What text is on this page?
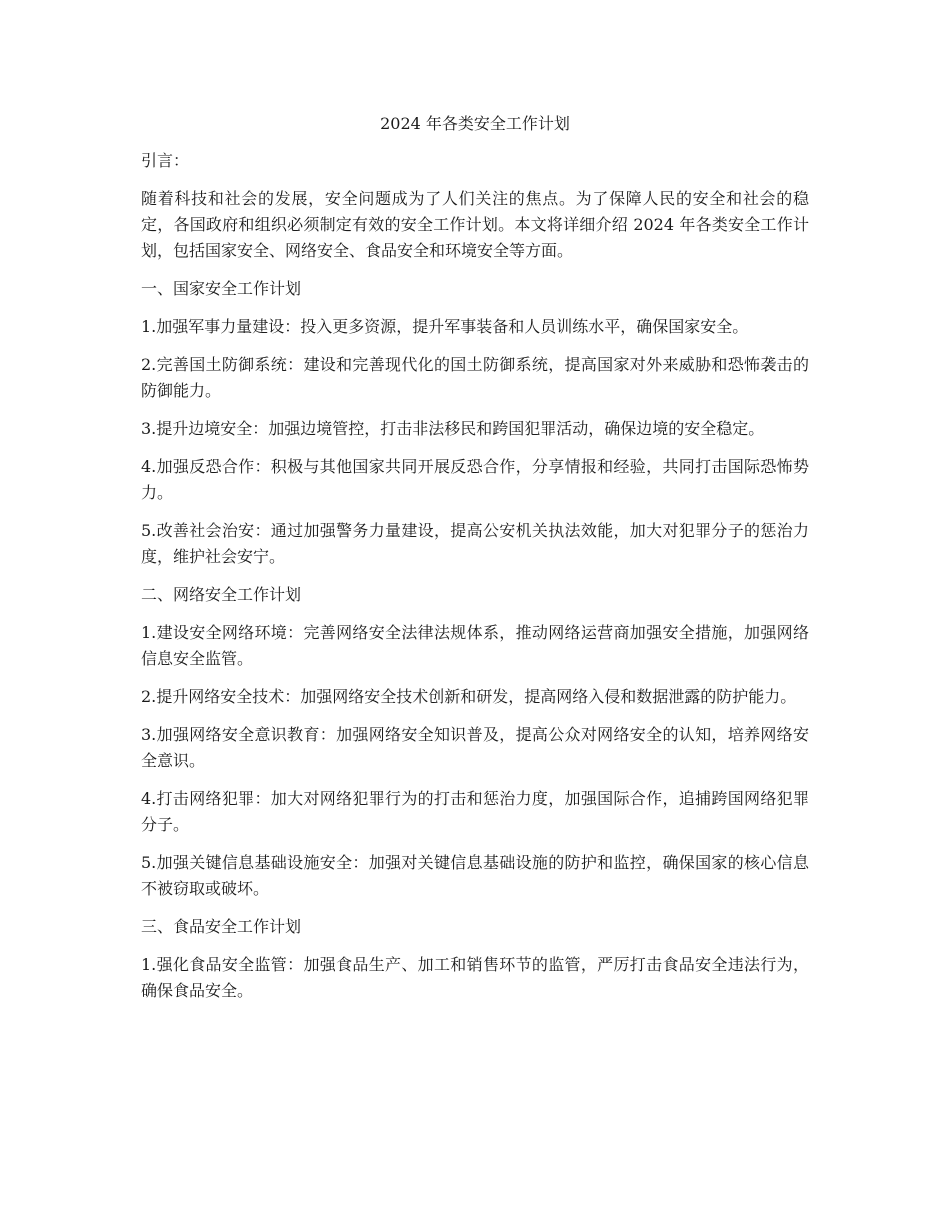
2024 年各类安全工作计划

引言：

随着科技和社会的发展，安全问题成为了人们关注的焦点。为了保障人民的安全和社会的稳定，各国政府和组织必须制定有效的安全工作计划。本文将详细介绍 2024 年各类安全工作计划，包括国家安全、网络安全、食品安全和环境安全等方面。

一、国家安全工作计划

1.加强军事力量建设：投入更多资源，提升军事装备和人员训练水平，确保国家安全。

2.完善国土防御系统：建设和完善现代化的国土防御系统，提高国家对外来威胁和恐怖袭击的防御能力。

3.提升边境安全：加强边境管控，打击非法移民和跨国犯罪活动，确保边境的安全稳定。

4.加强反恐合作：积极与其他国家共同开展反恐合作，分享情报和经验，共同打击国际恐怖势力。

5.改善社会治安：通过加强警务力量建设，提高公安机关执法效能，加大对犯罪分子的惩治力度，维护社会安宁。

二、网络安全工作计划

1.建设安全网络环境：完善网络安全法律法规体系，推动网络运营商加强安全措施，加强网络信息安全监管。

2.提升网络安全技术：加强网络安全技术创新和研发，提高网络入侵和数据泄露的防护能力。

3.加强网络安全意识教育：加强网络安全知识普及，提高公众对网络安全的认知，培养网络安全意识。

4.打击网络犯罪：加大对网络犯罪行为的打击和惩治力度，加强国际合作，追捕跨国网络犯罪分子。

5.加强关键信息基础设施安全：加强对关键信息基础设施的防护和监控，确保国家的核心信息不被窃取或破坏。

三、食品安全工作计划

1.强化食品安全监管：加强食品生产、加工和销售环节的监管，严厉打击食品安全违法行为，确保食品安全。
